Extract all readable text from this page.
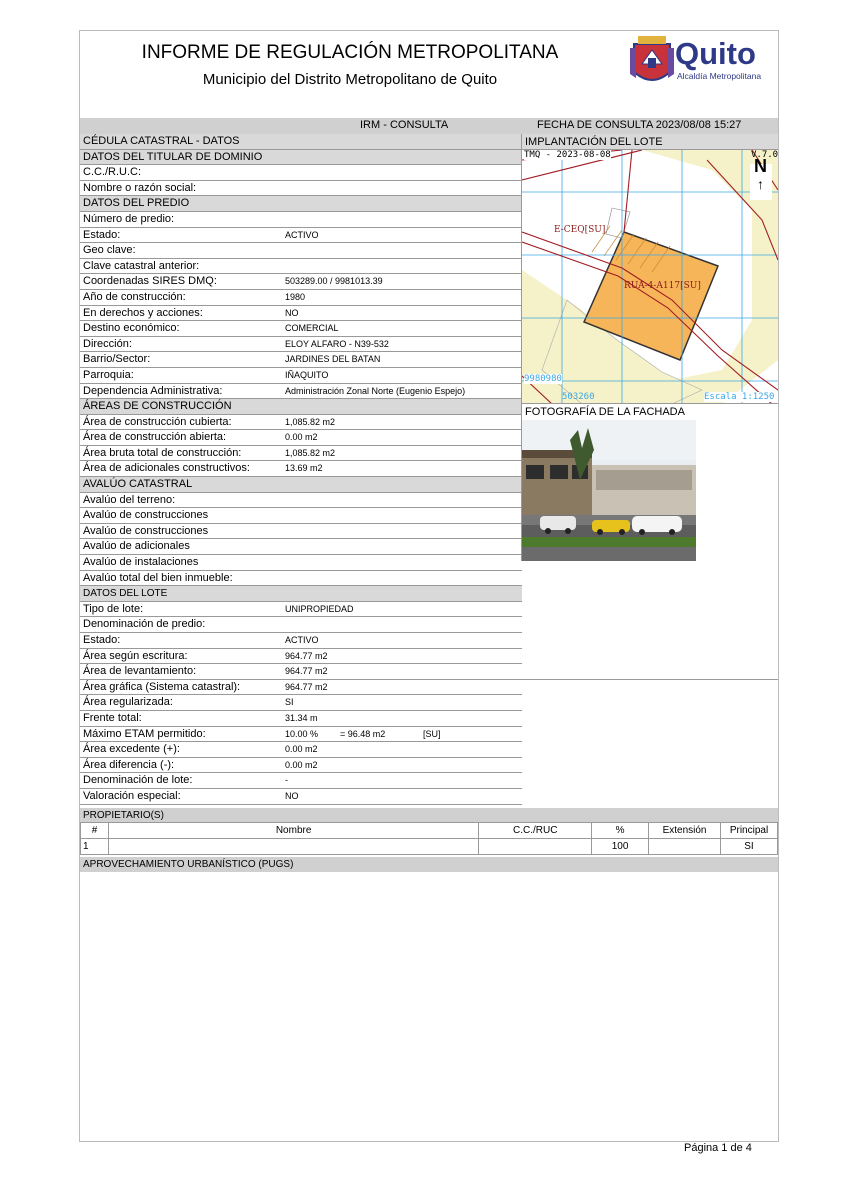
INFORME DE REGULACIÓN METROPOLITANA
Municipio del Distrito Metropolitano de Quito
Quito
Alcaldía Metropolitana
IRM - CONSULTA	FECHA DE CONSULTA 2023/08/08 15:27
CÉDULA CATASTRAL - DATOS
DATOS DEL TITULAR DE DOMINIO
C.C./R.U.C:
Nombre o razón social:
DATOS DEL PREDIO
Número de predio:
Estado:	ACTIVO
Geo clave:
Clave catastral anterior:
Coordenadas SIRES DMQ:	503289.00 / 9981013.39
Año de construcción:	1980
En derechos y acciones:	NO
Destino económico:	COMERCIAL
Dirección:	ELOY ALFARO - N39-532
Barrio/Sector:	JARDINES DEL BATAN
Parroquia:	IÑAQUITO
Dependencia Administrativa:	Administración Zonal Norte (Eugenio Espejo)
ÁREAS DE CONSTRUCCIÓN
Área de construcción cubierta:	1,085.82 m2
Área de construcción abierta:	0.00 m2
Área bruta total de construcción:	1,085.82 m2
Área de adicionales constructivos:	13.69 m2
AVALÚO CATASTRAL
Avalúo del terreno:
Avalúo de construcciones
Avalúo de construcciones
Avalúo de adicionales
Avalúo de instalaciones
Avalúo total del bien inmueble:
DATOS DEL LOTE
Tipo de lote:	UNIPROPIEDAD
Denominación de predio:
Estado:	ACTIVO
Área según escritura:	964.77 m2
Área de levantamiento:	964.77 m2
Área gráfica (Sistema catastral):	964.77 m2
Área regularizada:	SI
Frente total:	31.34 m
Máximo ETAM permitido:	10.00 % = 96.48 m2	[SU]
Área excedente (+):	0.00 m2
Área diferencia (-):	0.00 m2
Denominación de lote:	-
Valoración especial:	NO
IMPLANTACIÓN DEL LOTE
TMQ - 2023-08-08	V.7.0
N
↑
E-CEQ[SU]
RUA-4-A117[SU]
9980980
503260	Escala 1:1250
FOTOGRAFÍA DE LA FACHADA
PROPIETARIO(S)
#	Nombre	C.C./RUC	%	Extensión	Principal
1			100		SI
APROVECHAMIENTO URBANÍSTICO (PUGS)
Página 1 de 4
